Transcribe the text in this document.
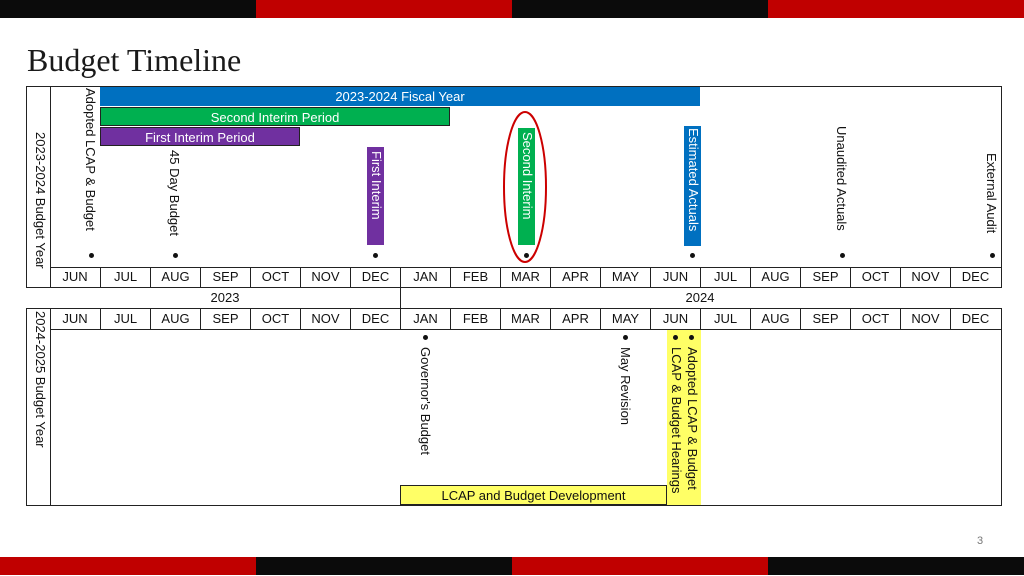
Budget Timeline
2023-2024 Budget Year
2023-2024 Fiscal Year
Second Interim Period
First Interim Period
Adopted LCAP & Budget	45 Day Budget	First Interim	Second Interim	Estimated Actuals	Unaudited Actuals	External Audit
JUN	JUL	AUG	SEP	OCT	NOV	DEC	JAN	FEB	MAR	APR	MAY	JUN	JUL	AUG	SEP	OCT	NOV	DEC
2023	2024
2024-2025 Budget Year	JUN	JUL	AUG	SEP	OCT	NOV	DEC	JAN	FEB	MAR	APR	MAY	JUN	JUL	AUG	SEP	OCT	NOV	DEC
Governor's Budget	May Revision	Adopted LCAP & Budget
LCAP & Budget Hearings
LCAP and Budget Development
3
